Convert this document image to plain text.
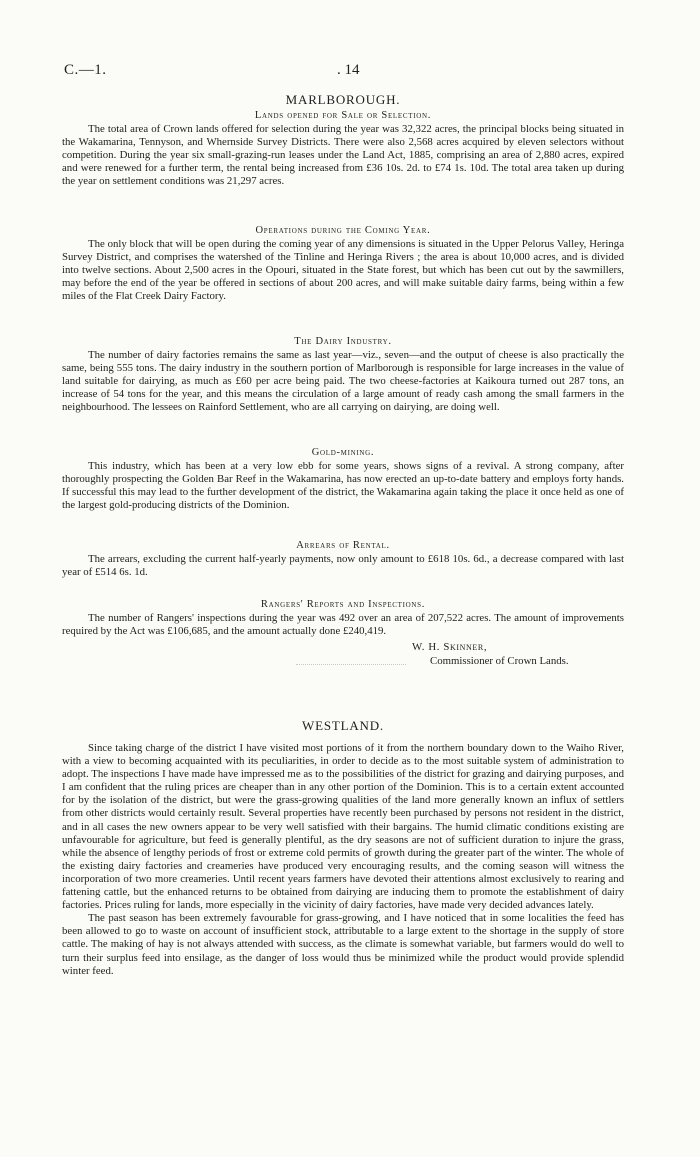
C.—1.	. 14
MARLBOROUGH.
Lands opened for Sale or Selection.

The total area of Crown lands offered for selection during the year was 32,322 acres, the principal blocks being situated in the Wakamarina, Tennyson, and Whernside Survey Districts. There were also 2,568 acres acquired by eleven selectors without competition. During the year six small-grazing-run leases under the Land Act, 1885, comprising an area of 2,880 acres, expired and were renewed for a further term, the rental being increased from £36 10s. 2d. to £74 1s. 10d. The total area taken up during the year on settlement conditions was 21,297 acres.

Operations during the Coming Year.

The only block that will be open during the coming year of any dimensions is situated in the Upper Pelorus Valley, Heringa Survey District, and comprises the watershed of the Tinline and Heringa Rivers ; the area is about 10,000 acres, and is divided into twelve sections. About 2,500 acres in the Opouri, situated in the State forest, but which has been cut out by the sawmillers, may before the end of the year be offered in sections of about 200 acres, and will make suitable dairy farms, being within a few miles of the Flat Creek Dairy Factory.

The Dairy Industry.

The number of dairy factories remains the same as last year—viz., seven—and the output of cheese is also practically the same, being 555 tons. The dairy industry in the southern portion of Marlborough is responsible for large increases in the value of land suitable for dairying, as much as £60 per acre being paid. The two cheese-factories at Kaikoura turned out 287 tons, an increase of 54 tons for the year, and this means the circulation of a large amount of ready cash among the small farmers in the neighbourhood. The lessees on Rainford Settlement, who are all carrying on dairying, are doing well.

Gold-mining.

This industry, which has been at a very low ebb for some years, shows signs of a revival. A strong company, after thoroughly prospecting the Golden Bar Reef in the Wakamarina, has now erected an up-to-date battery and employs forty hands. If successful this may lead to the further development of the district, the Wakamarina again taking the place it once held as one of the largest gold-producing districts of the Dominion.

Arrears of Rental.

The arrears, excluding the current half-yearly payments, now only amount to £618 10s. 6d., a decrease compared with last year of £514 6s. 1d.

Rangers' Reports and Inspections.

The number of Rangers' inspections during the year was 492 over an area of 207,522 acres. The amount of improvements required by the Act was £106,685, and the amount actually done £240,419.

W. H. Skinner,
Commissioner of Crown Lands.
WESTLAND.

Since taking charge of the district I have visited most portions of it from the northern boundary down to the Waiho River, with a view to becoming acquainted with its peculiarities, in order to decide as to the most suitable system of administration to adopt. The inspections I have made have impressed me as to the possibilities of the district for grazing and dairying purposes, and I am confident that the ruling prices are cheaper than in any other portion of the Dominion. This is to a certain extent accounted for by the isolation of the district, but were the grass-growing qualities of the land more generally known an influx of settlers from other districts would certainly result. Several properties have recently been purchased by persons not resident in the district, and in all cases the new owners appear to be very well satisfied with their bargains. The humid climatic conditions existing are unfavourable for agriculture, but feed is generally plentiful, as the dry seasons are not of sufficient duration to injure the grass, while the absence of lengthy periods of frost or extreme cold permits of growth during the greater part of the winter. The whole of the existing dairy factories and creameries have produced very encouraging results, and the coming season will witness the incorporation of two more creameries. Until recent years farmers have devoted their attentions almost exclusively to rearing and fattening cattle, but the enhanced returns to be obtained from dairying are inducing them to promote the establishment of dairy factories. Prices ruling for lands, more especially in the vicinity of dairy factories, have made very decided advances lately.

The past season has been extremely favourable for grass-growing, and I have noticed that in some localities the feed has been allowed to go to waste on account of insufficient stock, attributable to a large extent to the shortage in the supply of store cattle. The making of hay is not always attended with success, as the climate is somewhat variable, but farmers would do well to turn their surplus feed into ensilage, as the danger of loss would thus be minimized while the product would provide splendid winter feed.
